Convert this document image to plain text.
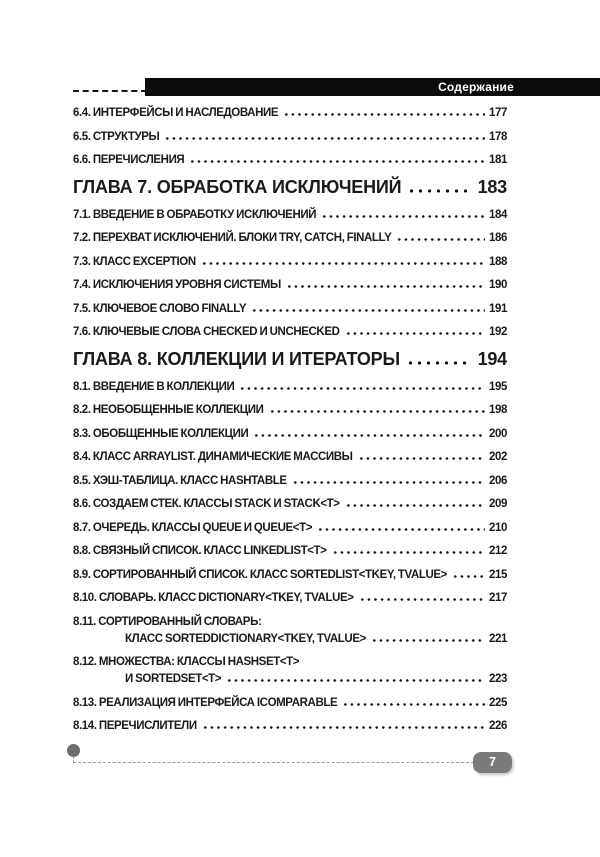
Содержание
6.4. ИНТЕРФЕЙСЫ И НАСЛЕДОВАНИЕ	177
6.5. СТРУКТУРЫ	178
6.6. ПЕРЕЧИСЛЕНИЯ	181
ГЛАВА 7. ОБРАБОТКА ИСКЛЮЧЕНИЙ	183
7.1. ВВЕДЕНИЕ В ОБРАБОТКУ ИСКЛЮЧЕНИЙ	184
7.2. ПЕРЕХВАТ ИСКЛЮЧЕНИЙ. БЛОКИ TRY, CATCH, FINALLY	186
7.3. КЛАСС EXCEPTION	188
7.4. ИСКЛЮЧЕНИЯ УРОВНЯ СИСТЕМЫ	190
7.5. КЛЮЧЕВОЕ СЛОВО FINALLY	191
7.6. КЛЮЧЕВЫЕ СЛОВА CHECKED И UNCHECKED	192
ГЛАВА 8. КОЛЛЕКЦИИ И ИТЕРАТОРЫ	194
8.1. ВВЕДЕНИЕ В КОЛЛЕКЦИИ	195
8.2. НЕОБОБЩЕННЫЕ КОЛЛЕКЦИИ	198
8.3. ОБОБЩЕННЫЕ КОЛЛЕКЦИИ	200
8.4. КЛАСС ARRAYLIST. ДИНАМИЧЕСКИЕ МАССИВЫ	202
8.5. ХЭШ-ТАБЛИЦА. КЛАСС HASHTABLE	206
8.6. СОЗДАЕМ СТЕК. КЛАССЫ STACK И STACK<T>	209
8.7. ОЧЕРЕДЬ. КЛАССЫ QUEUE И QUEUE<T>	210
8.8. СВЯЗНЫЙ СПИСОК. КЛАСС LINKEDLIST<T>	212
8.9. СОРТИРОВАННЫЙ СПИСОК. КЛАСС SORTEDLIST<TKEY, TVALUE>	215
8.10. СЛОВАРЬ. КЛАСС DICTIONARY<TKEY, TVALUE>	217
8.11. СОРТИРОВАННЫЙ СЛОВАРЬ:
КЛАСС SORTEDDICTIONARY<TKEY, TVALUE>	221
8.12. МНОЖЕСТВА: КЛАССЫ HASHSET<T>
И SORTEDSET<T>	223
8.13. РЕАЛИЗАЦИЯ ИНТЕРФЕЙСА ICOMPARABLE	225
8.14. ПЕРЕЧИСЛИТЕЛИ	226
7
